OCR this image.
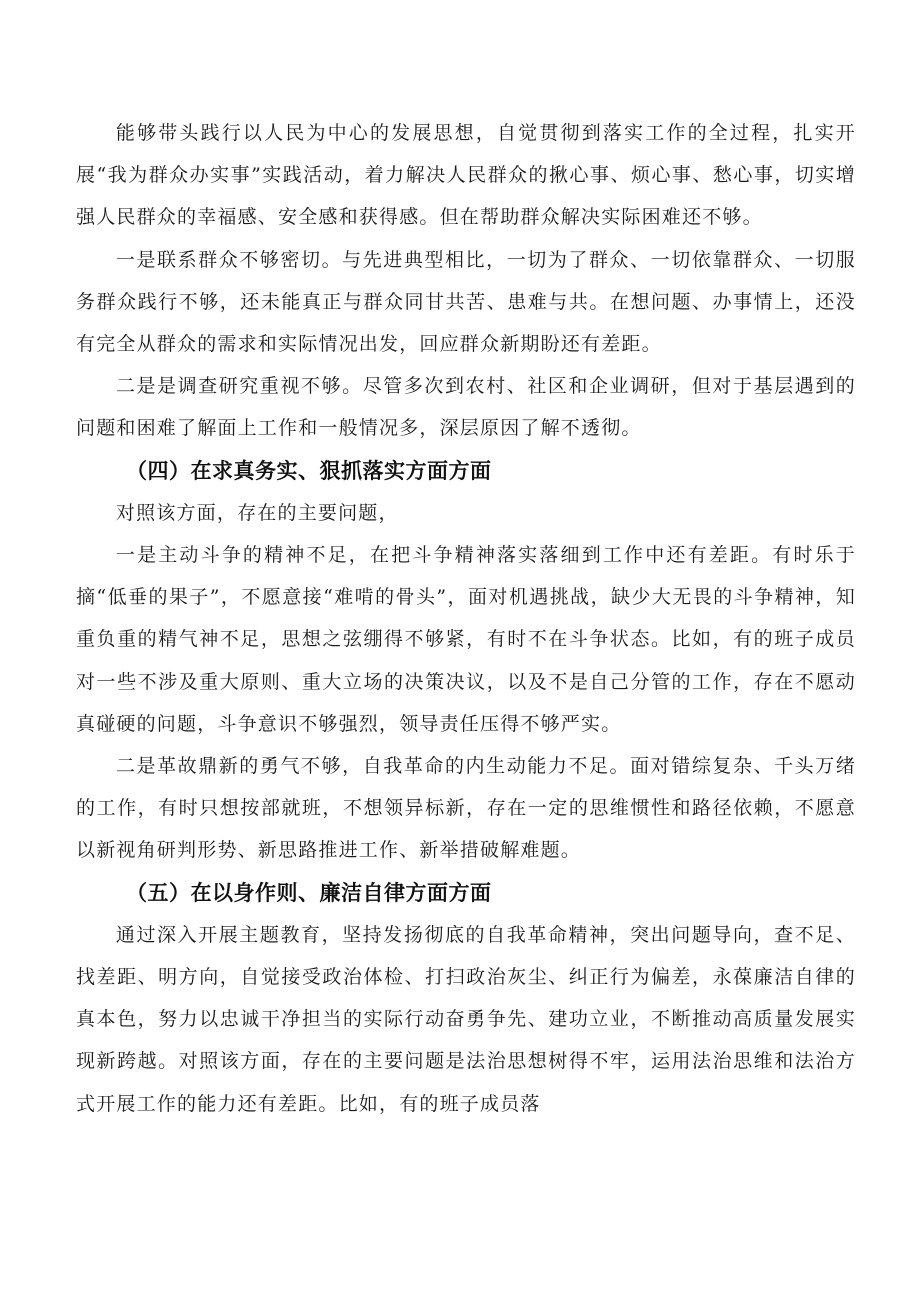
能够带头践行以人民为中心的发展思想，自觉贯彻到落实工作的全过程，扎实开展“我为群众办实事”实践活动，着力解决人民群众的揪心事、烦心事、愁心事，切实增强人民群众的幸福感、安全感和获得感。但在帮助群众解决实际困难还不够。

一是联系群众不够密切。与先进典型相比，一切为了群众、一切依靠群众、一切服务群众践行不够，还未能真正与群众同甘共苦、患难与共。在想问题、办事情上，还没有完全从群众的需求和实际情况出发，回应群众新期盼还有差距。

二是是调查研究重视不够。尽管多次到农村、社区和企业调研，但对于基层遇到的问题和困难了解面上工作和一般情况多，深层原因了解不透彻。

（四）在求真务实、狠抓落实方面方面

对照该方面，存在的主要问题，

一是主动斗争的精神不足，在把斗争精神落实落细到工作中还有差距。有时乐于摘“低垂的果子”，不愿意接“难啃的骨头”，面对机遇挑战，缺少大无畏的斗争精神，知重负重的精气神不足，思想之弦绷得不够紧，有时不在斗争状态。比如，有的班子成员对一些不涉及重大原则、重大立场的决策决议，以及不是自己分管的工作，存在不愿动真碰硬的问题，斗争意识不够强烈，领导责任压得不够严实。

二是革故鼎新的勇气不够，自我革命的内生动能力不足。面对错综复杂、千头万绪的工作，有时只想按部就班，不想领异标新，存在一定的思维惯性和路径依赖，不愿意以新视角研判形势、新思路推进工作、新举措破解难题。

（五）在以身作则、廉洁自律方面方面

通过深入开展主题教育，坚持发扬彻底的自我革命精神，突出问题导向，查不足、找差距、明方向，自觉接受政治体检、打扫政治灰尘、纠正行为偏差，永葆廉洁自律的真本色，努力以忠诚干净担当的实际行动奋勇争先、建功立业，不断推动高质量发展实现新跨越。对照该方面，存在的主要问题是法治思想树得不牢，运用法治思维和法治方式开展工作的能力还有差距。比如，有的班子成员落
